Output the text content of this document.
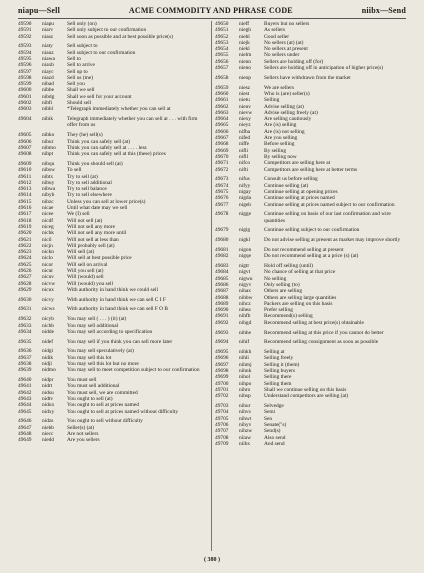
niapu—Sell	ACME COMMODITY AND PHRASE CODE	niibx—Send
49590	niapu	Sell only (on)
49591	niarv	Sell only subject to our confirmation
49592	niasz	Sell soon as possible and at best possible price(s)
49593	niaty	Sell subject to
49594	niauz	Sell subject to our confirmation
49595	niawa	Sell to
49596	niaxb	Sell to arrive
49597	niayc	Sell up to
49598	niazd	Sell us (me)
49599	nibad	Sell you
49600	nibbe	Shall we sell
49601	nibdg	Shall we sell for your account
49602	nibfi	Should sell
49603	nibhl	*Telegraph immediately whether you can sell at
49604	nibik	Telegraph immediately whether you can sell at . . . with firm offer from us
49605	nibko	They (he) sell(s)
49606	nibur	Think you can safely sell (at)
49607	nibmo	Think you can safely sell at . . . . less
49608	nibpt	Think you can safely sell at this (these) prices
49609	nibqu	Think you should sell (at)
49610	nibsw	To sell
49611	nibtx	Try to sell (at)
49612	nibuy	Try to sell additional
49613	nibwa	Try to sell balance
49614	nibyb	Try to sell elsewhere
49615	nibzc	Unless you can sell at lower price(s)
49616	nicae	Until what date may we sell
49617	nicee	We (I) sell
49618	nicdf	Will not sell (at)
49619	niceg	Will not sell any more
49620	nichk	Will not sell any more until
49621	nicil	Will not sell at less than
49622	nicjn	Will probably sell (at)
49623	nickn	Will sell (at)
49624	niclo	Will sell at best possible price
49625	nicor	Will sell on arrival
49626	nicut	Will you sell (at)
49627	nicuv	Will (would) sell
49628	nicvw	Will (would) you sell
49629	nicux	With authority in hand think we could sell
49630	nicvy	With authority in hand think we can sell C I F
49631	nicws	With authority in hand think we can sell F O B
49632	nicyb	You may sell ( . . . ) (it) (at)
49633	nicbb	You may sell additional
49634	nidde	You may sell according to specification
49635	nidef	You may sell if you think you can sell more later
49636	nidgi	You may sell speculatively (at)
49637	nidik	You may sell this lot
49638	nidjl	You may sell this lot but no more
49639	nidmo	You may sell to meet competition subject to our confirmation
49640	nidpr	You must sell
49641	nidrt	You must sell additional
49642	nidsu	You must sell, we are committed
49643	nidtv	You ought to sell (at)
49644	nidux	You ought to sell at prices named
49645	nidxy	You ought to sell at prices named without difficulty
49646	nidzs	You ought to sell without difficulty
49647	niebb	Seller(s) (at)
49648	niecc	Are not sellers
49649	niedd	Are you sellers
49650	nieff	Buyers but no sellers
49651	niegh	As sellers
49652	niehl	Good seller
49653	niejk	No sellers (at) (at)
49654	niekl	No sellers at present
49655	nielm	No sellers under
49656	nienn	Sellers are holding off (for)
49657	nieno	Sellers are holding off in anticipation of higher price(s)
49658	nieop	Sellers have withdrawn from the market
49659	niesz	We are sellers
49660	niest	Who is (are) seller(s)
49661	nietu	Selling
49662	nieuv	Advise selling (at)
49663	nievw	Advise selling freely (at)
49664	niexy	Are selling cautiously
49665	nieyz	Are (is) selling
49666	nifba	Are (is) not selling
49667	nifed	Are you selling
49668	niffe	Before selling
49669	nifli	By selling
49670	nifll	By selling now
49671	nifco	Competitors are selling here at
49672	nifti	Competitors are selling here at better terms
49673	nifus	Consult us before selling
49674	nifyy	Continue selling (at)
49675	nigay	Continue selling at opening prices
49676	nigda	Continue selling at prices named
49677	nigeb	Continue selling at prices named subject to our confirmation
49678	nigge	Continue selling on basis of our last confirmation and wire quantities
49679	nigig	Continue selling subject to our confirmation
49680	nigkl	Do not advise selling at present as market may improve shortly
49681	nigon	Do not recommend selling at present
49682	nigqe	Do not recommend selling at a price (s) (at)
49683	nigtr	Hold off selling (until)
49684	nigvt	No chance of selling at that price
49685	nigwu	No selling
49686	nigyv	Only selling (to)
49687	nihax	Others are selling
49688	nihbw	Others are selling large quantities
49689	nihcz	Packers are selling on this basis
49690	nihea	Prefer selling
49691	nihfb	Recommend(s) selling
49692	nihgd	Recommend selling at best price(s) obtainable
49693	nihhe	Recommend selling at this price if you cannot do better
49694	nihif	Recommend selling consignment as soon as possible
49695	nihkh	Selling at
49696	nihli	Selling freely
49697	nihmj	Selling it (them)
49698	nihnk	Selling buyers
49699	nihol	Selling there
49700	nihpo	Selling them
49701	nihro	Shall we continue selling on this basis
49702	nihsp	Understand competitors are selling (at)
49703	nihur	Selvedge
49704	nihvs	Semi
49705	nihwt	Sen
49706	nihyv	Senate("s)
49707	nihzw	Send(s)
49708	niiaw	Also send
49709	niibx	And send
( 380 )
